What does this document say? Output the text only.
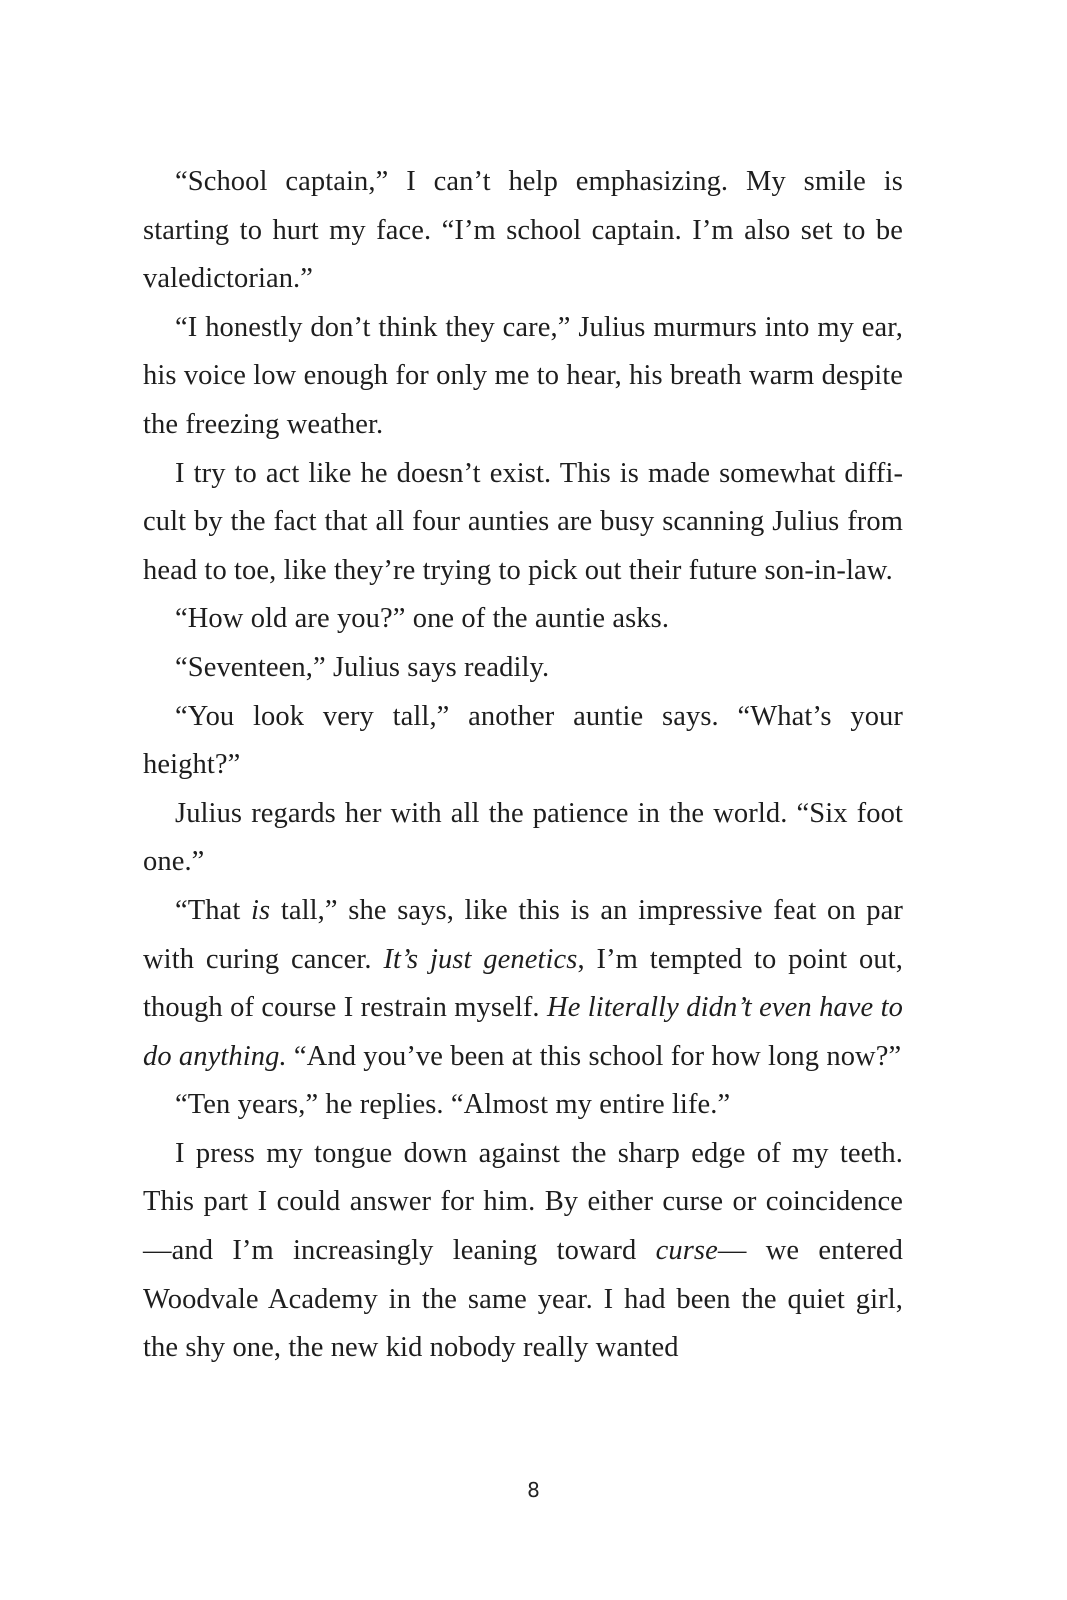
“School captain,” I can’t help emphasizing. My smile is starting to hurt my face. “I’m school captain. I’m also set to be valedictorian.”

“I honestly don’t think they care,” Julius murmurs into my ear, his voice low enough for only me to hear, his breath warm despite the freezing weather.

I try to act like he doesn’t exist. This is made somewhat difficult by the fact that all four aunties are busy scanning Julius from head to toe, like they’re trying to pick out their future son-in-law.

“How old are you?” one of the auntie asks.

“Seventeen,” Julius says readily.

“You look very tall,” another auntie says. “What’s your height?”

Julius regards her with all the patience in the world. “Six foot one.”

“That is tall,” she says, like this is an impressive feat on par with curing cancer. It’s just genetics, I’m tempted to point out, though of course I restrain myself. He literally didn’t even have to do anything. “And you’ve been at this school for how long now?”

“Ten years,” he replies. “Almost my entire life.”

I press my tongue down against the sharp edge of my teeth. This part I could answer for him. By either curse or coincidence—and I’m increasingly leaning toward curse— we entered Woodvale Academy in the same year. I had been the quiet girl, the shy one, the new kid nobody really wanted

8
